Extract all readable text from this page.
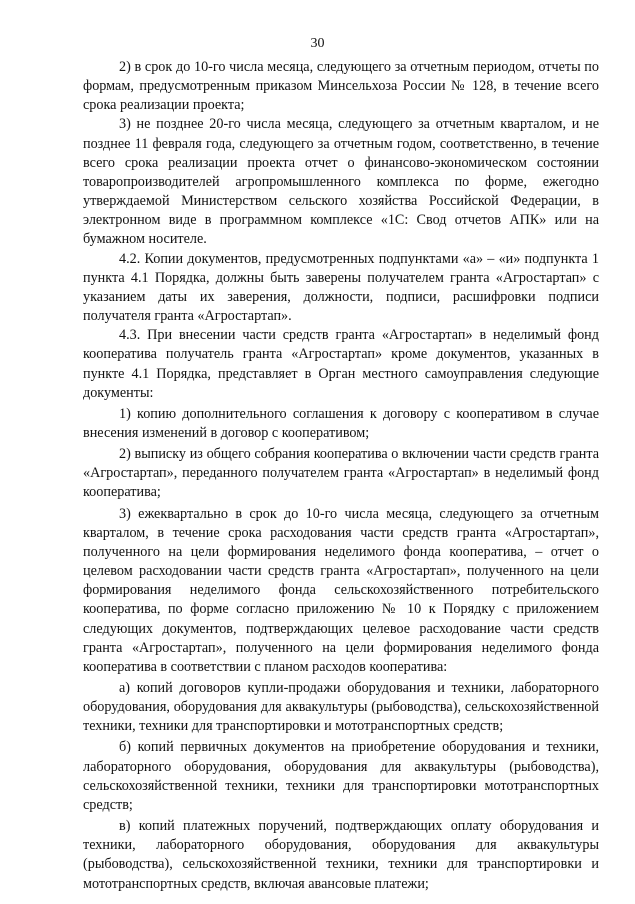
30

2) в срок до 10-го числа месяца, следующего за отчетным периодом, отчеты по формам, предусмотренным приказом Минсельхоза России № 128, в течение всего срока реализации проекта;

3) не позднее 20-го числа месяца, следующего за отчетным кварталом, и не позднее 11 февраля года, следующего за отчетным годом, соответственно, в течение всего срока реализации проекта отчет о финансово-экономическом состоянии товаропроизводителей агропромышленного комплекса по форме, ежегодно утверждаемой Министерством сельского хозяйства Российской Федерации, в электронном виде в программном комплексе «1С: Свод отчетов АПК» или на бумажном носителе.

4.2. Копии документов, предусмотренных подпунктами «а» – «и» подпункта 1 пункта 4.1 Порядка, должны быть заверены получателем гранта «Агростартап» с указанием даты их заверения, должности, подписи, расшифровки подписи получателя гранта «Агростартап».

4.3. При внесении части средств гранта «Агростартап» в неделимый фонд кооператива получатель гранта «Агростартап» кроме документов, указанных в пункте 4.1 Порядка, представляет в Орган местного самоуправления следующие документы:

1) копию дополнительного соглашения к договору с кооперативом в случае внесения изменений в договор с кооперативом;

2) выписку из общего собрания кооператива о включении части средств гранта «Агростартап», переданного получателем гранта «Агростартап» в неделимый фонд кооператива;

3) ежеквартально в срок до 10-го числа месяца, следующего за отчетным кварталом, в течение срока расходования части средств гранта «Агростартап», полученного на цели формирования неделимого фонда кооператива, – отчет о целевом расходовании части средств гранта «Агростартап», полученного на цели формирования неделимого фонда сельскохозяйственного потребительского кооператива, по форме согласно приложению № 10 к Порядку с приложением следующих документов, подтверждающих целевое расходование части средств гранта «Агростартап», полученного на цели формирования неделимого фонда кооператива в соответствии с планом расходов кооператива:

а) копий договоров купли-продажи оборудования и техники, лабораторного оборудования, оборудования для аквакультуры (рыбоводства), сельскохозяйственной техники, техники для транспортировки и мототранспортных средств;

б) копий первичных документов на приобретение оборудования и техники, лабораторного оборудования, оборудования для аквакультуры (рыбоводства), сельскохозяйственной техники, техники для транспортировки мототранспортных средств;

в) копий платежных поручений, подтверждающих оплату оборудования и техники, лабораторного оборудования, оборудования для аквакультуры (рыбоводства), сельскохозяйственной техники, техники для транспортировки и мототранспортных средств, включая авансовые платежи;
